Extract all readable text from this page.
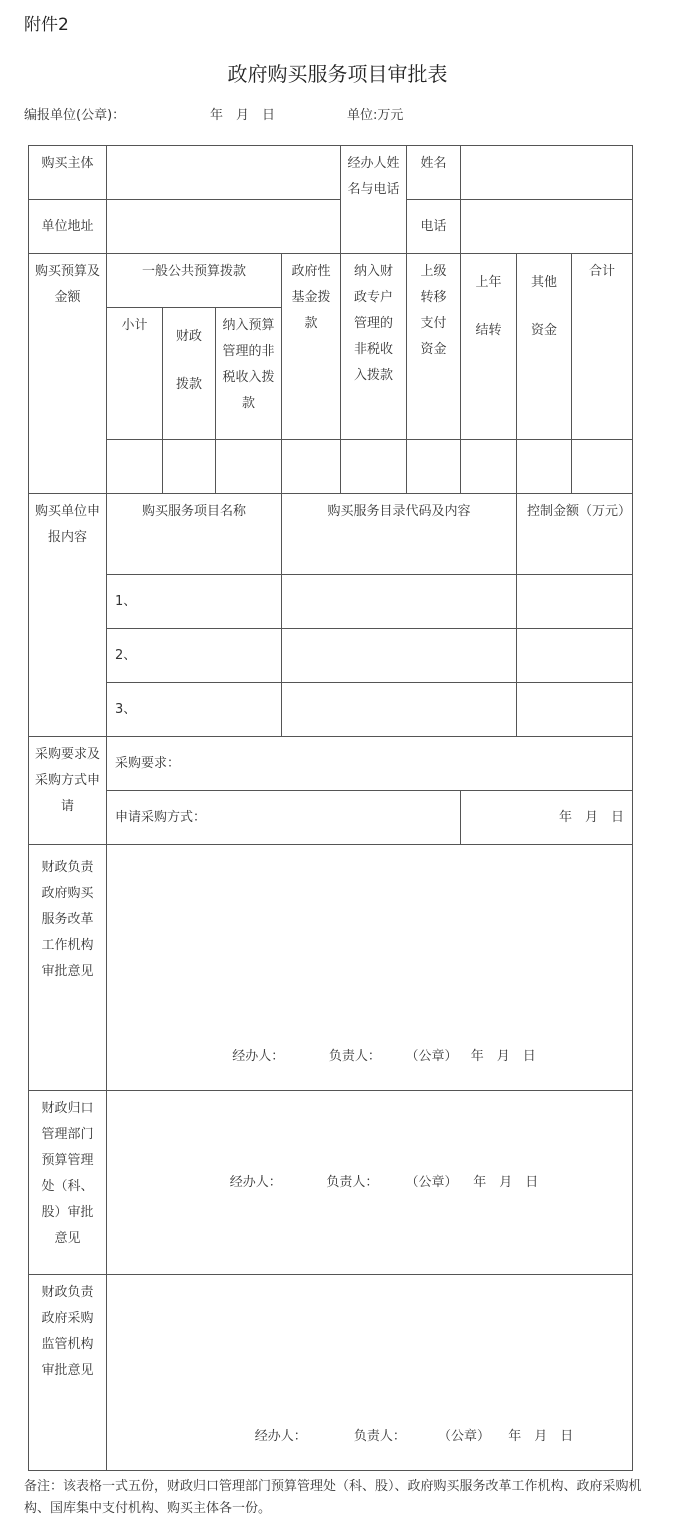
附件2
政府购买服务项目审批表
编报单位(公章)：	年　月　日	单位:万元
购买主体					经办人姓名与电话	姓名			
单位地址						电话			
购买预算及金额	一般公共预算拨款			政府性基金拨款	纳入财政专户管理的非税收入拨款	上级转移支付资金	上年结转	其他资金	合计
	小计	财政拨款	纳入预算管理的非税收入拨款						

购买单位申报内容	购买服务项目名称			购买服务目录代码及内容				控制金额（万元）	
	1、								
	2、								
	3、								
采购要求及采购方式申请	采购要求：								
	申请采购方式：						年　月　日		
财政负责政府购买服务改革工作机构审批意见	经办人： 负责人： （公章） 年　月　日								
财政归口管理部门预算管理处（科、股）审批意见	经办人： 负责人： （公章） 年　月　日								
财政负责政府采购监管机构审批意见	经办人： 负责人： （公章） 年　月　日								
备注：该表格一式五份，财政归口管理部门预算管理处（科、股）、政府购买服务改革工作机构、政府采购机构、国库集中支付机构、购买主体各一份。
